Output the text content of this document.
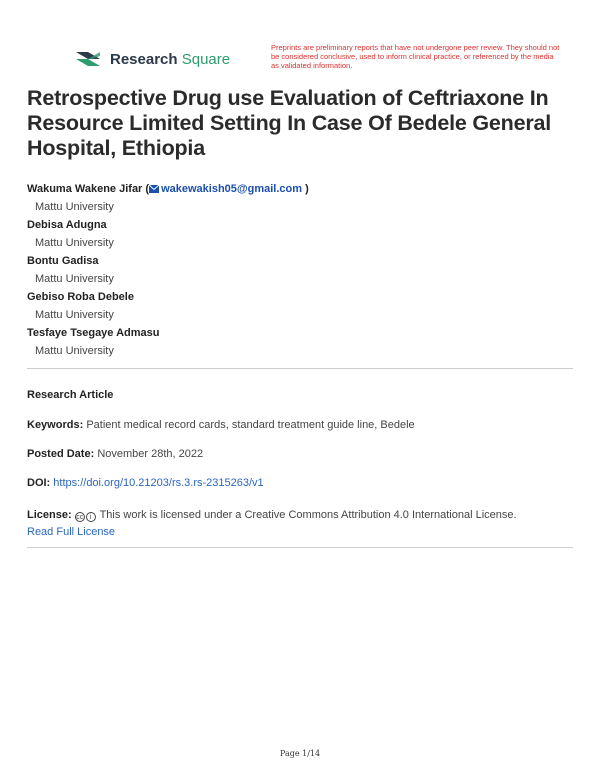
Research Square
Preprints are preliminary reports that have not undergone peer review. They should not be considered conclusive, used to inform clinical practice, or referenced by the media as validated information.
Retrospective Drug use Evaluation of Ceftriaxone In Resource Limited Setting In Case Of Bedele General Hospital, Ethiopia
Wakuma Wakene Jifar ( wakewakish05@gmail.com )
Mattu University
Debisa Adugna
Mattu University
Bontu Gadisa
Mattu University
Gebiso Roba Debele
Mattu University
Tesfaye Tsegaye Admasu
Mattu University
Research Article
Keywords: Patient medical record cards, standard treatment guide line, Bedele
Posted Date: November 28th, 2022
DOI: https://doi.org/10.21203/rs.3.rs-2315263/v1
License: cc i This work is licensed under a Creative Commons Attribution 4.0 International License.
Read Full License
Page 1/14
